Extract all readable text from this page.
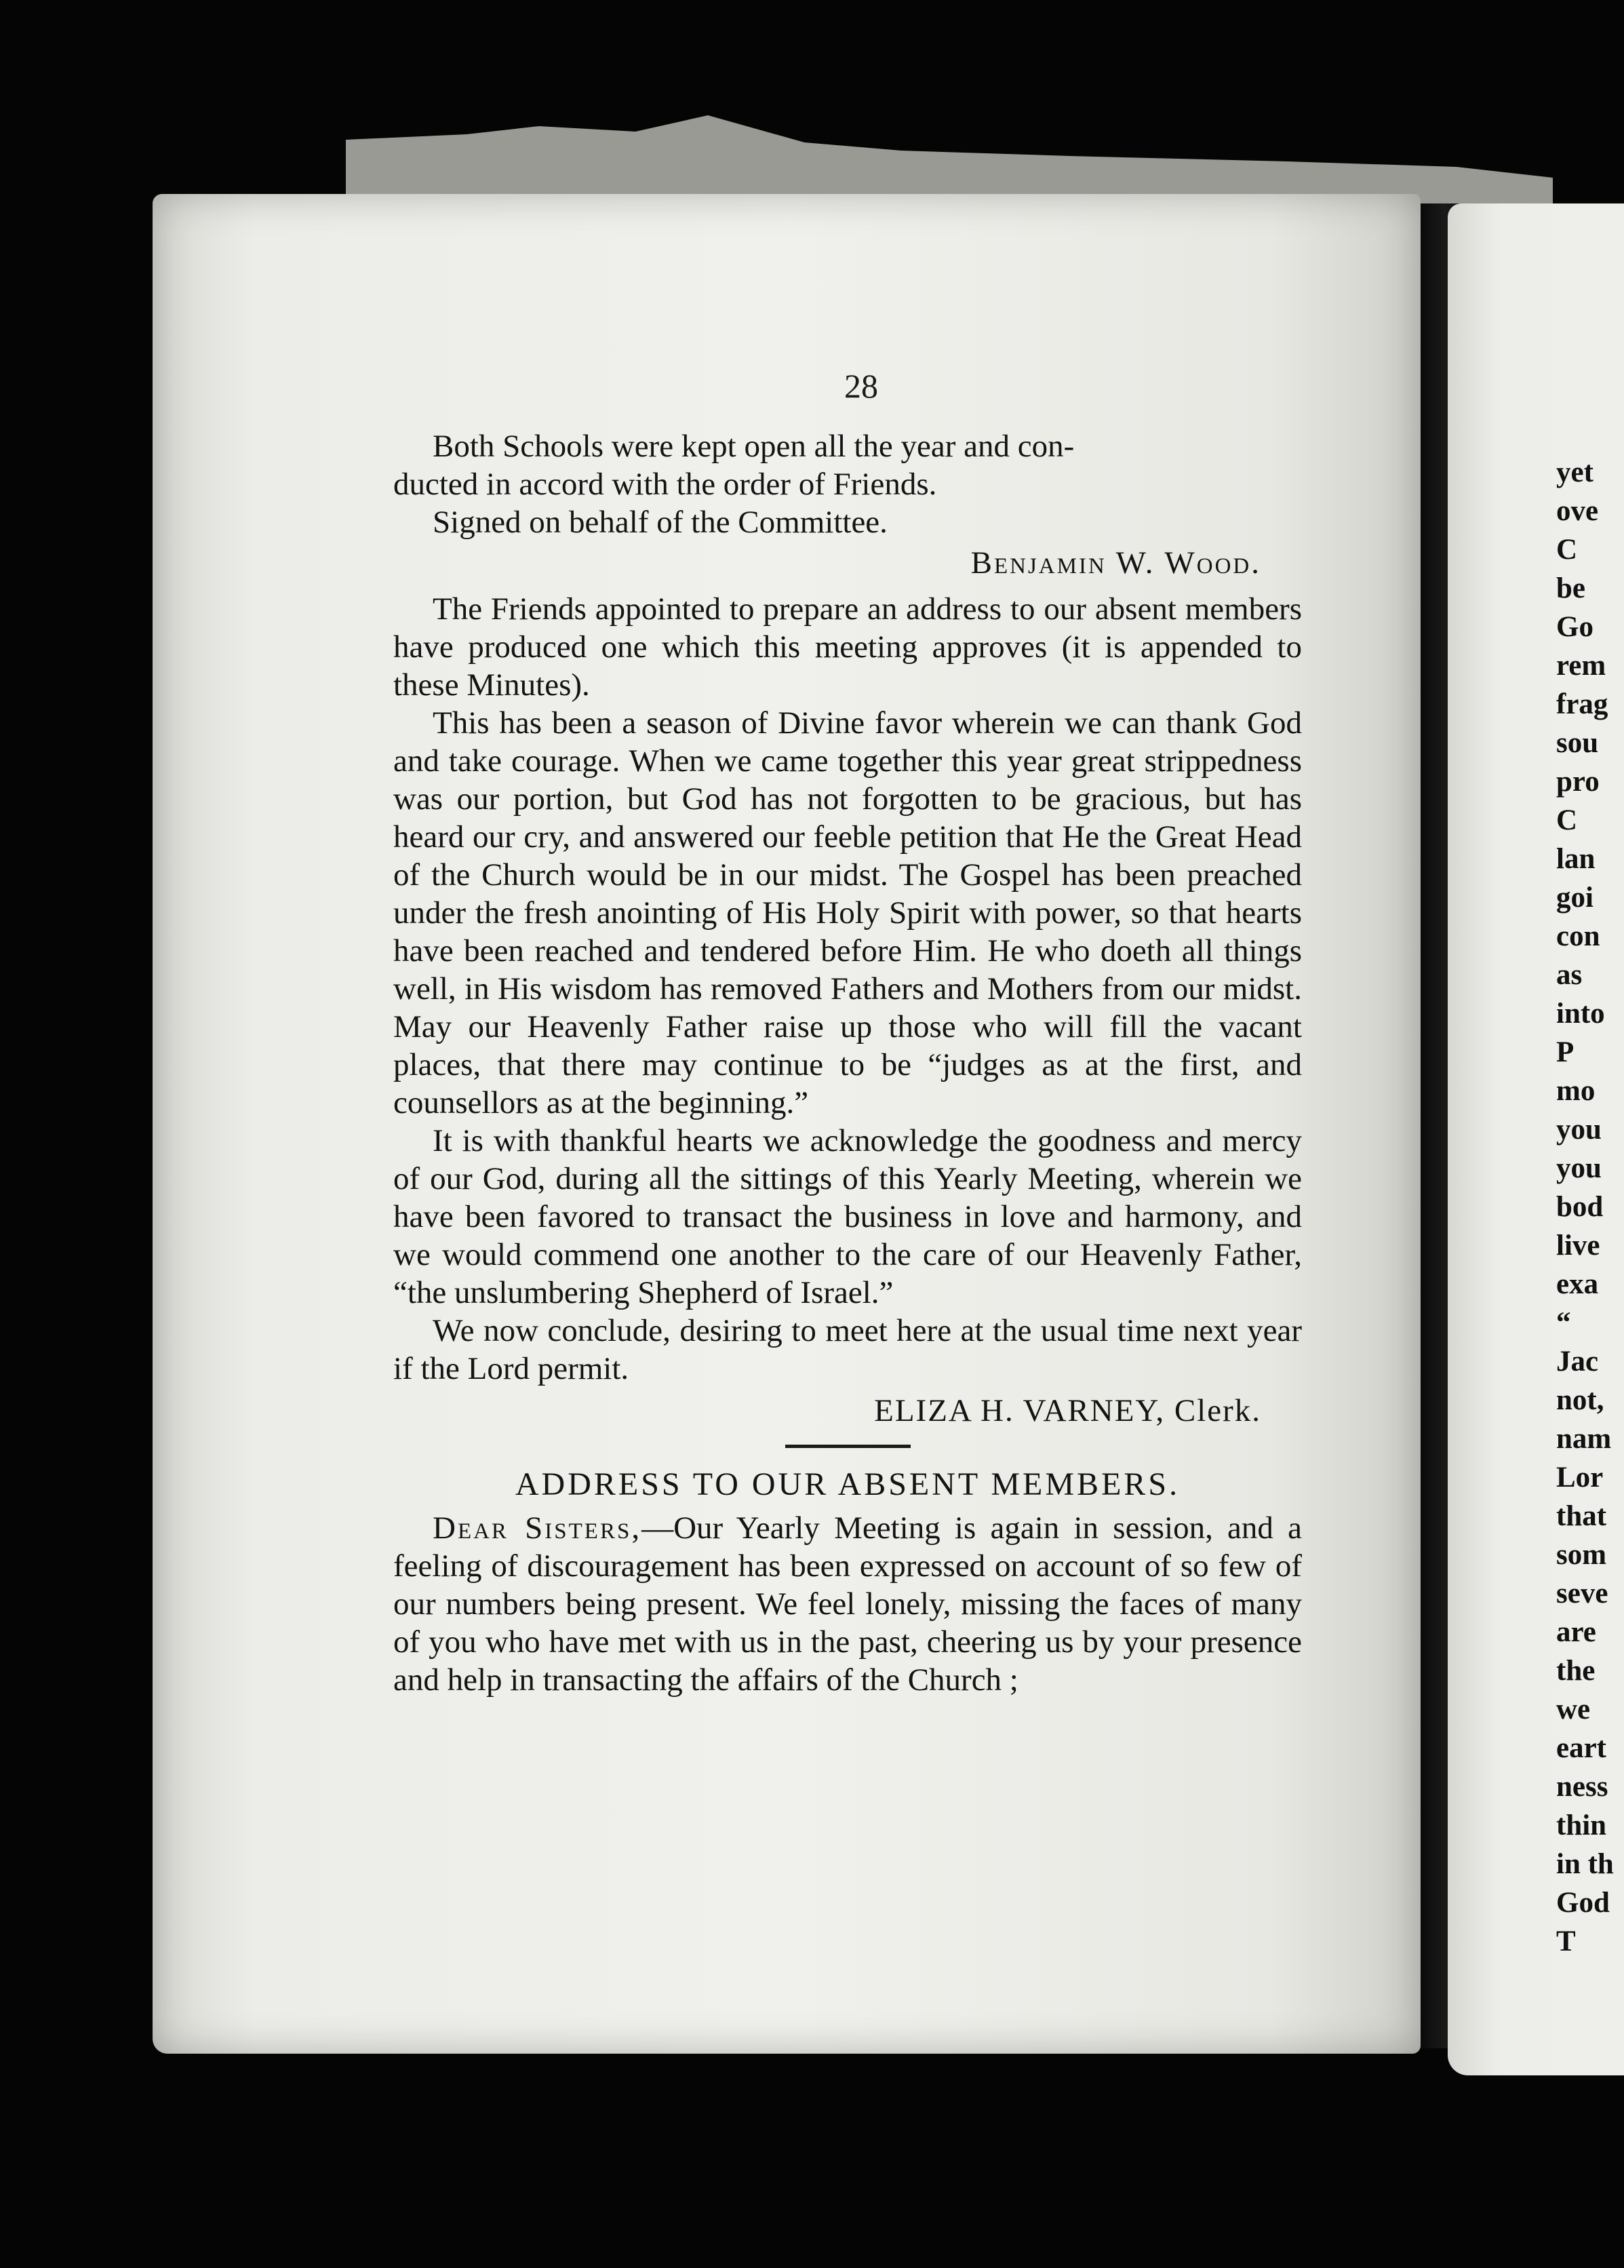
28

Both Schools were kept open all the year and con-

ducted in accord with the order of Friends.

Signed on behalf of the Committee.

Benjamin W. Wood.

The Friends appointed to prepare an address to our absent members have produced one which this meeting approves (it is appended to these Minutes).

This has been a season of Divine favor wherein we can thank God and take courage. When we came together this year great strippedness was our portion, but God has not forgotten to be gracious, but has heard our cry, and answered our feeble petition that He the Great Head of the Church would be in our midst. The Gospel has been preached under the fresh anointing of His Holy Spirit with power, so that hearts have been reached and tendered before Him. He who doeth all things well, in His wisdom has removed Fathers and Mothers from our midst. May our Heavenly Father raise up those who will fill the vacant places, that there may continue to be “judges as at the first, and counsellors as at the beginning.”

It is with thankful hearts we acknowledge the goodness and mercy of our God, during all the sittings of this Yearly Meeting, wherein we have been favored to transact the business in love and harmony, and we would commend one another to the care of our Heavenly Father, “the unslumbering Shepherd of Israel.”

We now conclude, desiring to meet here at the usual time next year if the Lord permit.

ELIZA H. VARNEY, Clerk.

ADDRESS TO OUR ABSENT MEMBERS.

Dear Sisters,—Our Yearly Meeting is again in session, and a feeling of discouragement has been expressed on account of so few of our numbers being present. We feel lonely, missing the faces of many of you who have met with us in the past, cheering us by your presence and help in transacting the affairs of the Church ;

yet
ove
C
be
Go
rem
frag
sou
pro
C
lan
goi
con
as
into
P
mo
you
you
bod
live
exa
“
Jac
not,
nam
Lor
that
som
seve
are
the
we
eart
ness
thin
in th
God
T
